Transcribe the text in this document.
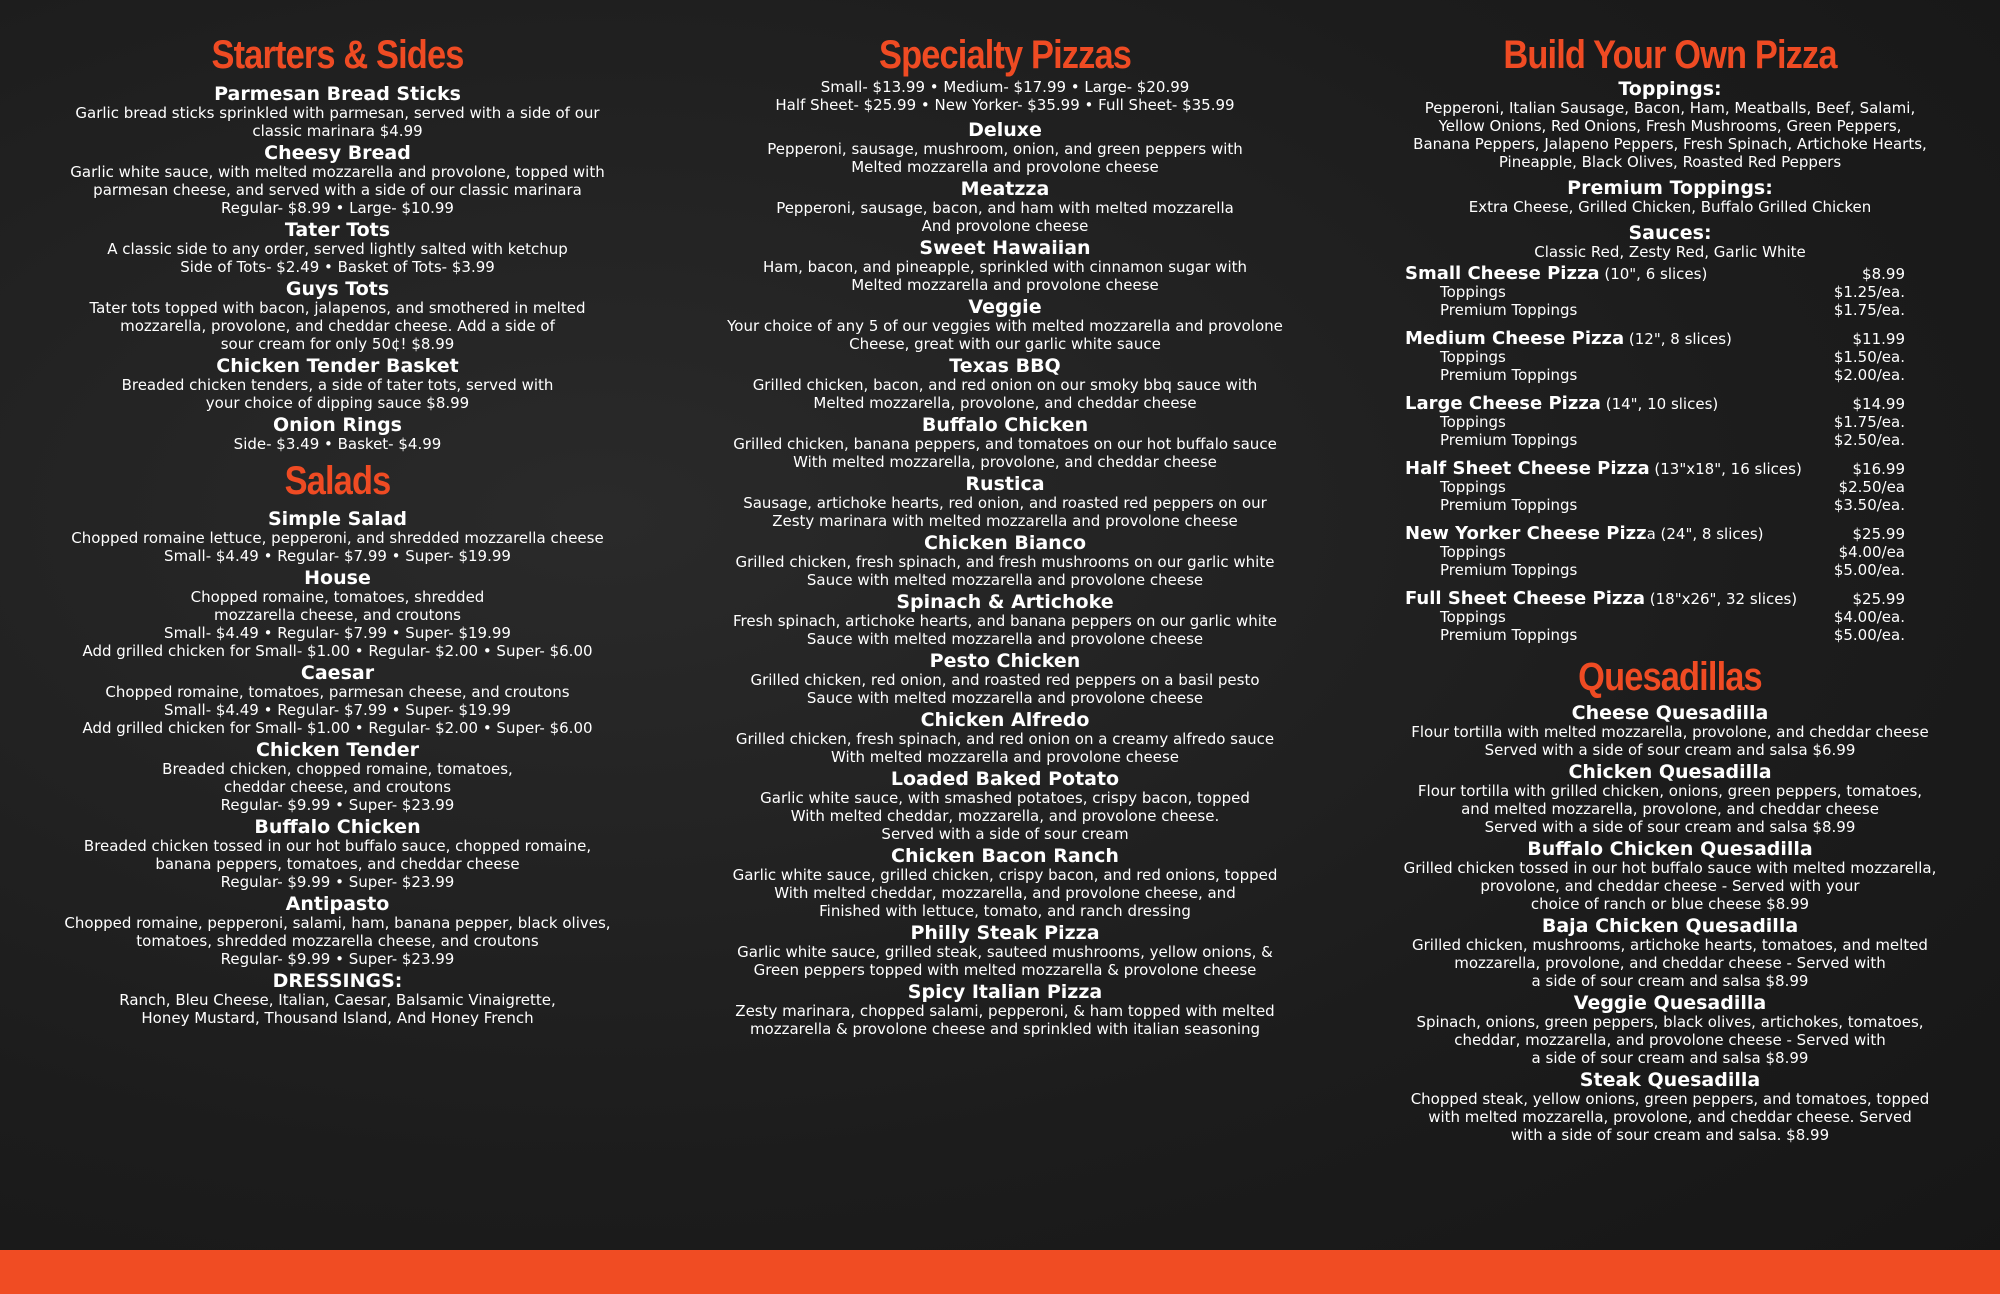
Starters & Sides
Parmesan Bread Sticks
Garlic bread sticks sprinkled with parmesan, served with a side of our
classic marinara $4.99
Cheesy Bread
Garlic white sauce, with melted mozzarella and provolone, topped with
parmesan cheese, and served with a side of our classic marinara
Regular- $8.99 • Large- $10.99
Tater Tots
A classic side to any order, served lightly salted with ketchup
Side of Tots- $2.49 • Basket of Tots- $3.99
Guys Tots
Tater tots topped with bacon, jalapenos, and smothered in melted
mozzarella, provolone, and cheddar cheese. Add a side of
sour cream for only 50¢! $8.99
Chicken Tender Basket
Breaded chicken tenders, a side of tater tots, served with
your choice of dipping sauce $8.99
Onion Rings
Side- $3.49 • Basket- $4.99
Salads
Simple Salad
Chopped romaine lettuce, pepperoni, and shredded mozzarella cheese
Small- $4.49 • Regular- $7.99 • Super- $19.99
House
Chopped romaine, tomatoes, shredded
mozzarella cheese, and croutons
Small- $4.49 • Regular- $7.99 • Super- $19.99
Add grilled chicken for Small- $1.00 • Regular- $2.00 • Super- $6.00
Caesar
Chopped romaine, tomatoes, parmesan cheese, and croutons
Small- $4.49 • Regular- $7.99 • Super- $19.99
Add grilled chicken for Small- $1.00 • Regular- $2.00 • Super- $6.00
Chicken Tender
Breaded chicken, chopped romaine, tomatoes,
cheddar cheese, and croutons
Regular- $9.99 • Super- $23.99
Buffalo Chicken
Breaded chicken tossed in our hot buffalo sauce, chopped romaine,
banana peppers, tomatoes, and cheddar cheese
Regular- $9.99 • Super- $23.99
Antipasto
Chopped romaine, pepperoni, salami, ham, banana pepper, black olives,
tomatoes, shredded mozzarella cheese, and croutons
Regular- $9.99 • Super- $23.99
DRESSINGS:
Ranch, Bleu Cheese, Italian, Caesar, Balsamic Vinaigrette,
Honey Mustard, Thousand Island, And Honey French
Specialty Pizzas
Small- $13.99 • Medium- $17.99 • Large- $20.99
Half Sheet- $25.99 • New Yorker- $35.99 • Full Sheet- $35.99
Deluxe
Pepperoni, sausage, mushroom, onion, and green peppers with
Melted mozzarella and provolone cheese
Meatzza
Pepperoni, sausage, bacon, and ham with melted mozzarella
And provolone cheese
Sweet Hawaiian
Ham, bacon, and pineapple, sprinkled with cinnamon sugar with
Melted mozzarella and provolone cheese
Veggie
Your choice of any 5 of our veggies with melted mozzarella and provolone
Cheese, great with our garlic white sauce
Texas BBQ
Grilled chicken, bacon, and red onion on our smoky bbq sauce with
Melted mozzarella, provolone, and cheddar cheese
Buffalo Chicken
Grilled chicken, banana peppers, and tomatoes on our hot buffalo sauce
With melted mozzarella, provolone, and cheddar cheese
Rustica
Sausage, artichoke hearts, red onion, and roasted red peppers on our
Zesty marinara with melted mozzarella and provolone cheese
Chicken Bianco
Grilled chicken, fresh spinach, and fresh mushrooms on our garlic white
Sauce with melted mozzarella and provolone cheese
Spinach & Artichoke
Fresh spinach, artichoke hearts, and banana peppers on our garlic white
Sauce with melted mozzarella and provolone cheese
Pesto Chicken
Grilled chicken, red onion, and roasted red peppers on a basil pesto
Sauce with melted mozzarella and provolone cheese
Chicken Alfredo
Grilled chicken, fresh spinach, and red onion on a creamy alfredo sauce
With melted mozzarella and provolone cheese
Loaded Baked Potato
Garlic white sauce, with smashed potatoes, crispy bacon, topped
With melted cheddar, mozzarella, and provolone cheese.
Served with a side of sour cream
Chicken Bacon Ranch
Garlic white sauce, grilled chicken, crispy bacon, and red onions, topped
With melted cheddar, mozzarella, and provolone cheese, and
Finished with lettuce, tomato, and ranch dressing
Philly Steak Pizza
Garlic white sauce, grilled steak, sauteed mushrooms, yellow onions, &
Green peppers topped with melted mozzarella & provolone cheese
Spicy Italian Pizza
Zesty marinara, chopped salami, pepperoni, & ham topped with melted
mozzarella & provolone cheese and sprinkled with italian seasoning
Build Your Own Pizza
Toppings:
Pepperoni, Italian Sausage, Bacon, Ham, Meatballs, Beef, Salami,
Yellow Onions, Red Onions, Fresh Mushrooms, Green Peppers,
Banana Peppers, Jalapeno Peppers, Fresh Spinach, Artichoke Hearts,
Pineapple, Black Olives, Roasted Red Peppers
Premium Toppings:
Extra Cheese, Grilled Chicken, Buffalo Grilled Chicken
Sauces:
Classic Red, Zesty Red, Garlic White
Small Cheese Pizza (10", 6 slices)	$8.99
Toppings	$1.25/ea.
Premium Toppings	$1.75/ea.
Medium Cheese Pizza (12", 8 slices)	$11.99
Toppings	$1.50/ea.
Premium Toppings	$2.00/ea.
Large Cheese Pizza (14", 10 slices)	$14.99
Toppings	$1.75/ea.
Premium Toppings	$2.50/ea.
Half Sheet Cheese Pizza (13"x18", 16 slices)	$16.99
Toppings	$2.50/ea
Premium Toppings	$3.50/ea.
New Yorker Cheese Pizza (24", 8 slices)	$25.99
Toppings	$4.00/ea
Premium Toppings	$5.00/ea.
Full Sheet Cheese Pizza (18"x26", 32 slices)	$25.99
Toppings	$4.00/ea.
Premium Toppings	$5.00/ea.
Quesadillas
Cheese Quesadilla
Flour tortilla with melted mozzarella, provolone, and cheddar cheese
Served with a side of sour cream and salsa $6.99
Chicken Quesadilla
Flour tortilla with grilled chicken, onions, green peppers, tomatoes,
and melted mozzarella, provolone, and cheddar cheese
Served with a side of sour cream and salsa $8.99
Buffalo Chicken Quesadilla
Grilled chicken tossed in our hot buffalo sauce with melted mozzarella,
provolone, and cheddar cheese - Served with your
choice of ranch or blue cheese $8.99
Baja Chicken Quesadilla
Grilled chicken, mushrooms, artichoke hearts, tomatoes, and melted
mozzarella, provolone, and cheddar cheese - Served with
a side of sour cream and salsa $8.99
Veggie Quesadilla
Spinach, onions, green peppers, black olives, artichokes, tomatoes,
cheddar, mozzarella, and provolone cheese - Served with
a side of sour cream and salsa $8.99
Steak Quesadilla
Chopped steak, yellow onions, green peppers, and tomatoes, topped
with melted mozzarella, provolone, and cheddar cheese. Served
with a side of sour cream and salsa. $8.99
